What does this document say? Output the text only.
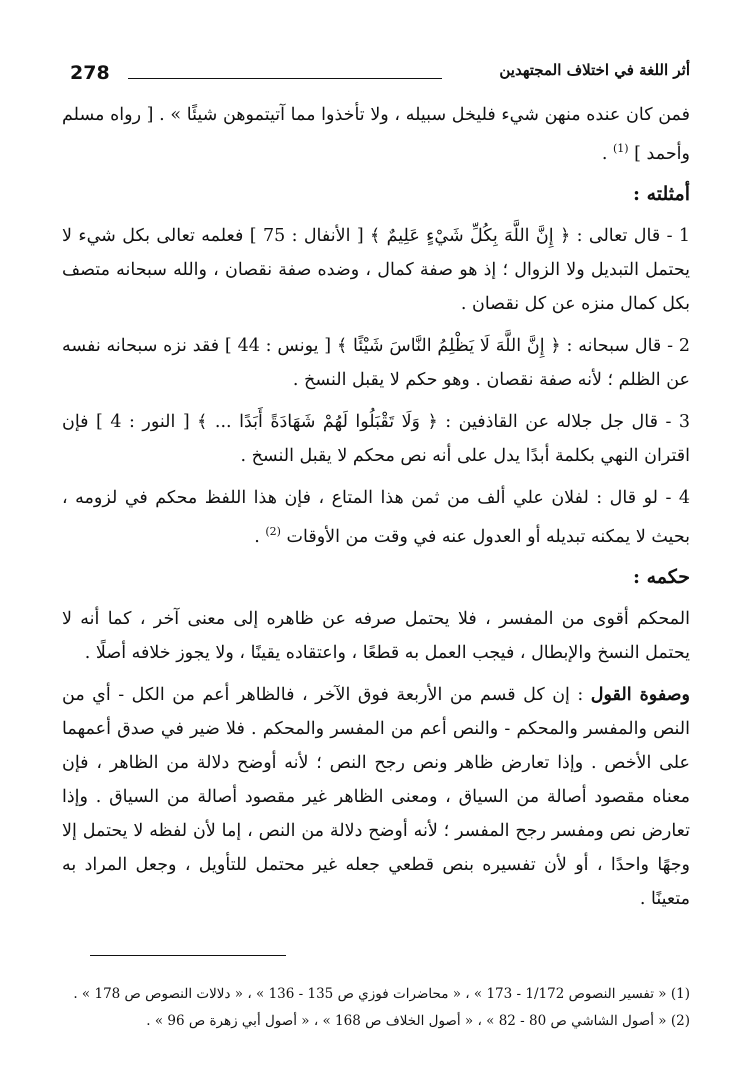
278	أثر اللغة في اختلاف المجتهدين

فمن كان عنده منهن شيء فليخل سبيله ، ولا تأخذوا مما آتيتموهن شيئًا » . [ رواه مسلم وأحمد ] $^{(1)}$ .

أمثلته :

1 - قال تعالى : ﴿ إِنَّ اللَّهَ بِكُلِّ شَيْءٍ عَلِيمٌ ﴾ [ الأنفال : 75 ] فعلمه تعالى بكل شيء لا يحتمل التبديل ولا الزوال ؛ إذ هو صفة كمال ، وضده صفة نقصان ، والله سبحانه متصف بكل كمال منزه عن كل نقصان .

2 - قال سبحانه : ﴿ إِنَّ اللَّهَ لَا يَظْلِمُ النَّاسَ شَيْئًا ﴾ [ يونس : 44 ] فقد نزه سبحانه نفسه عن الظلم ؛ لأنه صفة نقصان . وهو حكم لا يقبل النسخ .

3 - قال جل جلاله عن القاذفين : ﴿ وَلَا تَقْبَلُوا لَهُمْ شَهَادَةً أَبَدًا ... ﴾ [ النور : 4 ] فإن اقتران النهي بكلمة أبدًا يدل على أنه نص محكم لا يقبل النسخ .

4 - لو قال : لفلان علي ألف من ثمن هذا المتاع ، فإن هذا اللفظ محكم في لزومه ، بحيث لا يمكنه تبديله أو العدول عنه في وقت من الأوقات $^{(2)}$ .

حكمه :

المحكم أقوى من المفسر ، فلا يحتمل صرفه عن ظاهره إلى معنى آخر ، كما أنه لا يحتمل النسخ والإبطال ، فيجب العمل به قطعًا ، واعتقاده يقينًا ، ولا يجوز خلافه أصلًا .

وصفوة القول : إن كل قسم من الأربعة فوق الآخر ، فالظاهر أعم من الكل - أي من النص والمفسر والمحكم - والنص أعم من المفسر والمحكم . فلا ضير في صدق أعمهما على الأخص . وإذا تعارض ظاهر ونص رجح النص ؛ لأنه أوضح دلالة من الظاهر ، فإن معناه مقصود أصالة من السياق ، ومعنى الظاهر غير مقصود أصالة من السياق . وإذا تعارض نص ومفسر رجح المفسر ؛ لأنه أوضح دلالة من النص ، إما لأن لفظه لا يحتمل إلا وجهًا واحدًا ، أو لأن تفسيره بنص قطعي جعله غير محتمل للتأويل ، وجعل المراد به متعينًا .

(1) « تفسير النصوص 1/172 - 173 » ، « محاضرات فوزي ص 135 - 136 » ، « دلالات النصوص ص 178 » .

(2) « أصول الشاشي ص 80 - 82 » ، « أصول الخلاف ص 168 » ، « أصول أبي زهرة ص 96 » .
